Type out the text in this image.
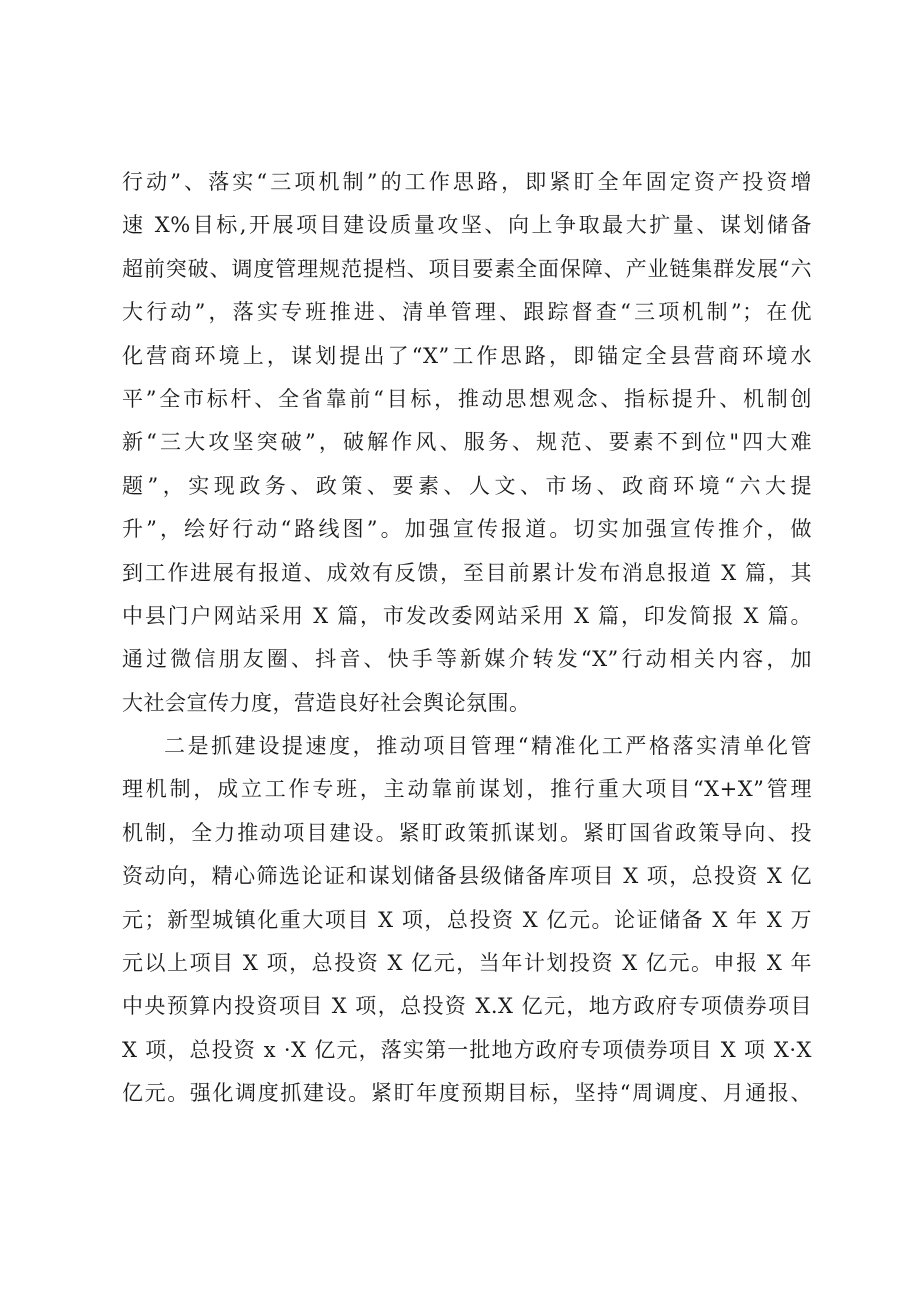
行动”、落实“三项机制”的工作思路，即紧盯全年固定资产投资增
速 X%目标,开展项目建设质量攻坚、向上争取最大扩量、谋划储备
超前突破、调度管理规范提档、项目要素全面保障、产业链集群发展“六
大行动”，落实专班推进、清单管理、跟踪督查“三项机制”；在优
化营商环境上，谋划提出了“X”工作思路，即锚定全县营商环境水
平”全市标杆、全省靠前“目标，推动思想观念、指标提升、机制创
新“三大攻坚突破”，破解作风、服务、规范、要素不到位"四大难
题”，实现政务、政策、要素、人文、市场、政商环境“六大提
升”，绘好行动“路线图”。加强宣传报道。切实加强宣传推介，做
到工作进展有报道、成效有反馈，至目前累计发布消息报道 X 篇，其
中县门户网站采用 X 篇，市发改委网站采用 X 篇，印发简报 X 篇。
通过微信朋友圈、抖音、快手等新媒介转发“X”行动相关内容，加
大社会宣传力度，营造良好社会舆论氛围。
二是抓建设提速度，推动项目管理“精准化工严格落实清单化管
理机制，成立工作专班，主动靠前谋划，推行重大项目“X+X”管理
机制，全力推动项目建设。紧盯政策抓谋划。紧盯国省政策导向、投
资动向，精心筛选论证和谋划储备县级储备库项目 X 项，总投资 X 亿
元；新型城镇化重大项目 X 项，总投资 X 亿元。论证储备 X 年 X 万
元以上项目 X 项，总投资 X 亿元，当年计划投资 X 亿元。申报 X 年
中央预算内投资项目 X 项，总投资 X.X 亿元，地方政府专项债券项目
X 项，总投资 x ·X 亿元，落实第一批地方政府专项债券项目 X 项 X·X
亿元。强化调度抓建设。紧盯年度预期目标，坚持“周调度、月通报、
